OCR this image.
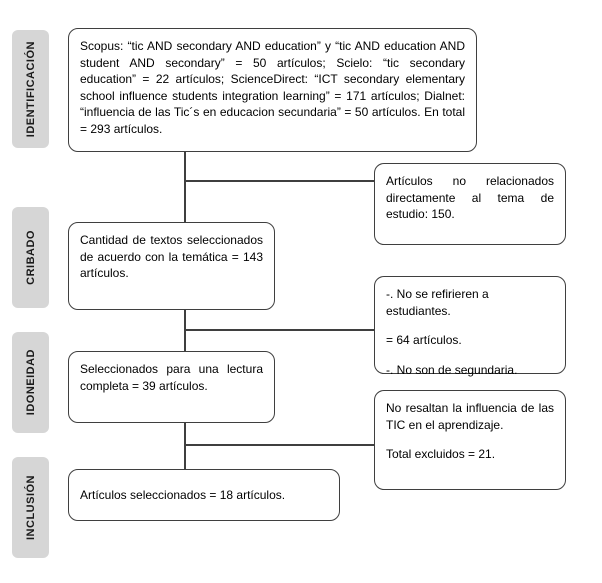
IDENTIFICACIÓN
CRIBADO
IDONEIDAD
INCLUSIÓN

Scopus: “tic AND secondary AND education” y “tic AND education AND student AND secondary” = 50 artículos; Scielo: “tic secondary education” = 22 artículos; ScienceDirect: “ICT secondary elementary school influence students integration learning” = 171 artículos; Dialnet: “influencia de las Tic´s en educacion secundaria” = 50 artículos. En total = 293 artículos.

Artículos no relacionados directamente al tema de estudio: 150.

Cantidad de textos seleccionados de acuerdo con la temática = 143 artículos.

-. No se refirieren a estudiantes.

= 64 artículos.

-. No son de segundaria.

Seleccionados para una lectura completa = 39 artículos.

No resaltan la influencia de las TIC en el aprendizaje.

Total excluidos = 21.

Artículos seleccionados = 18 artículos.
